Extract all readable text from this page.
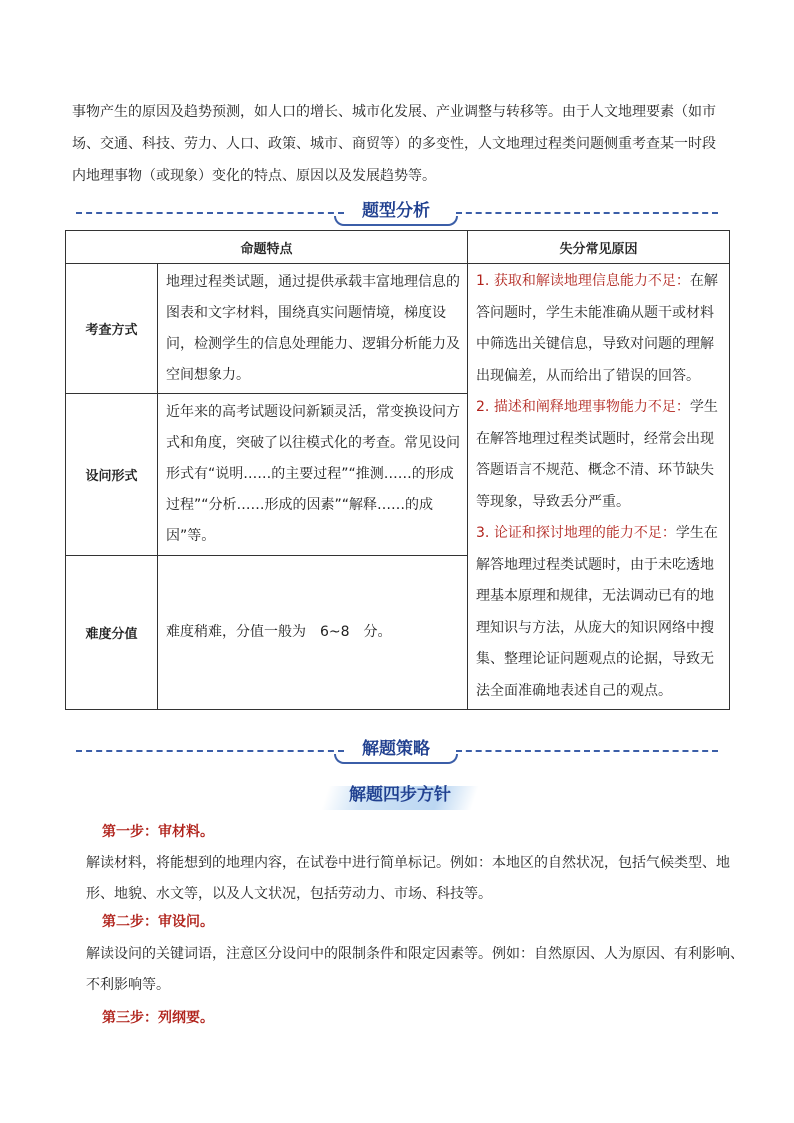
事物产生的原因及趋势预测，如人口的增长、城市化发展、产业调整与转移等。由于人文地理要素（如市

场、交通、科技、劳力、人口、政策、城市、商贸等）的多变性，人文地理过程类问题侧重考查某一时段

内地理事物（或现象）变化的特点、原因以及发展趋势等。

题型分析
命题特点		失分常见原因
考查方式	地理过程类试题，通过提供承载丰富地理信息的图表和文字材料，围绕真实问题情境，梯度设问，检测学生的信息处理能力、逻辑分析能力及空间想象力。	1. 获取和解读地理信息能力不足：在解答问题时，学生未能准确从题干或材料中筛选出关键信息，导致对问题的理解出现偏差，从而给出了错误的回答。
2. 描述和阐释地理事物能力不足：学生在解答地理过程类试题时，经常会出现答题语言不规范、概念不清、环节缺失等现象，导致丢分严重。
3. 论证和探讨地理的能力不足：学生在解答地理过程类试题时，由于未吃透地理基本原理和规律，无法调动已有的地理知识与方法，从庞大的知识网络中搜集、整理论证问题观点的论据，导致无法全面准确地表述自己的观点。

设问形式	近年来的高考试题设问新颖灵活，常变换设问方式和角度，突破了以往模式化的考查。常见设问形式有“说明……的主要过程”“推测……的形成过程”“分析……形成的因素”“解释……的成因”等。	
难度分值	难度稍难，分值一般为　6~8　分。	
解题策略
解题四步方针
第一步：审材料。

解读材料，将能想到的地理内容，在试卷中进行简单标记。例如：本地区的自然状况，包括气候类型、地形、地貌、水文等，以及人文状况，包括劳动力、市场、科技等。

第二步：审设问。

解读设问的关键词语，注意区分设问中的限制条件和限定因素等。例如：自然原因、人为原因、有利影响、不利影响等。

第三步：列纲要。
